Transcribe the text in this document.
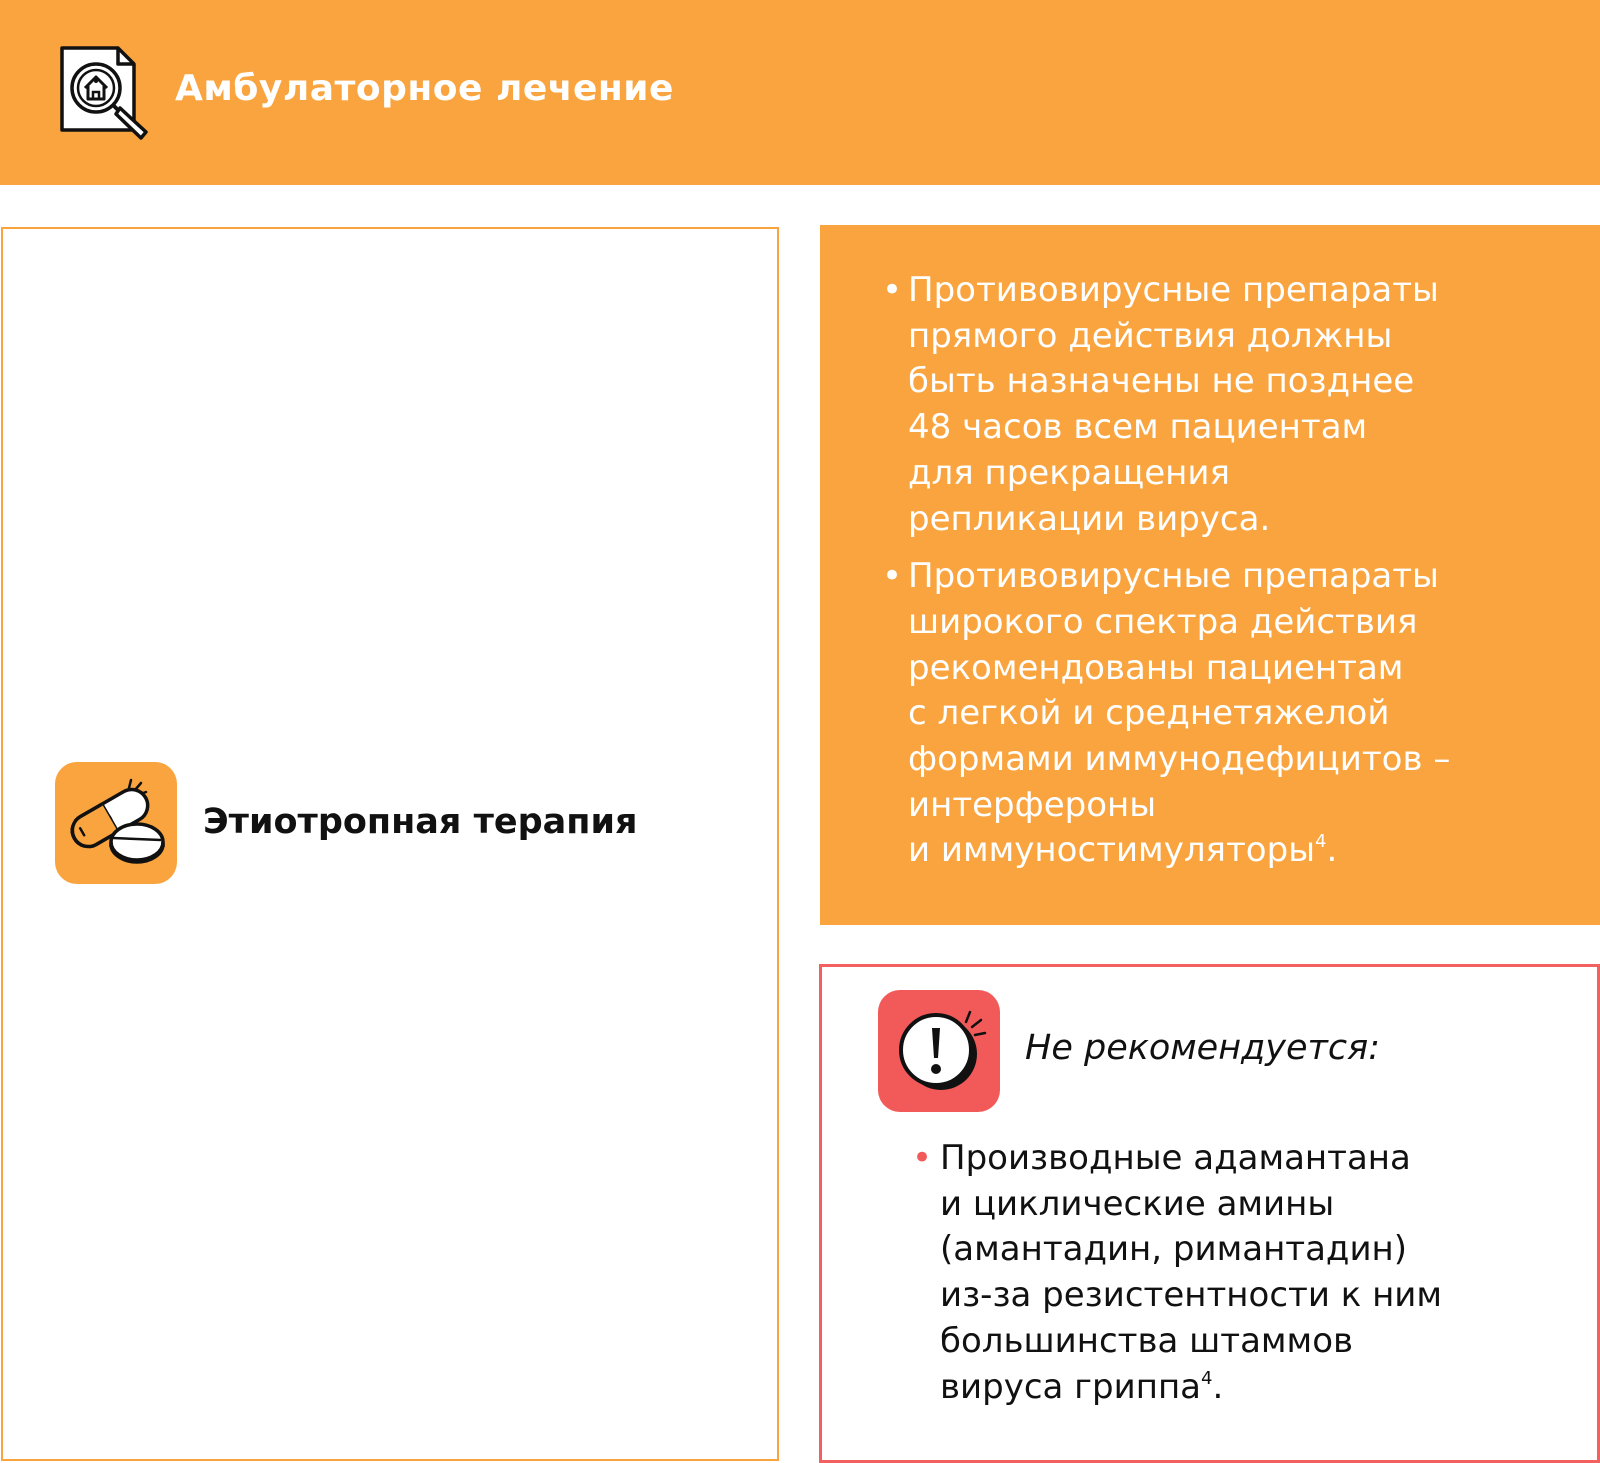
Амбулаторное лечение
Этиотропная терапия
• Противовирусные препараты
прямого действия должны
быть назначены не позднее
48 часов всем пациентам
для прекращения
репликации вируса.
• Противовирусные препараты
широкого спектра действия
рекомендованы пациентам
с легкой и среднетяжелой
формами иммунодефицитов –
интерфероны
и иммуностимуляторы$^4$.
Не рекомендуется:
• Производные адамантана
и циклические амины
(амантадин, римантадин)
из-за резистентности к ним
большинства штаммов
вируса гриппа$^4$.
